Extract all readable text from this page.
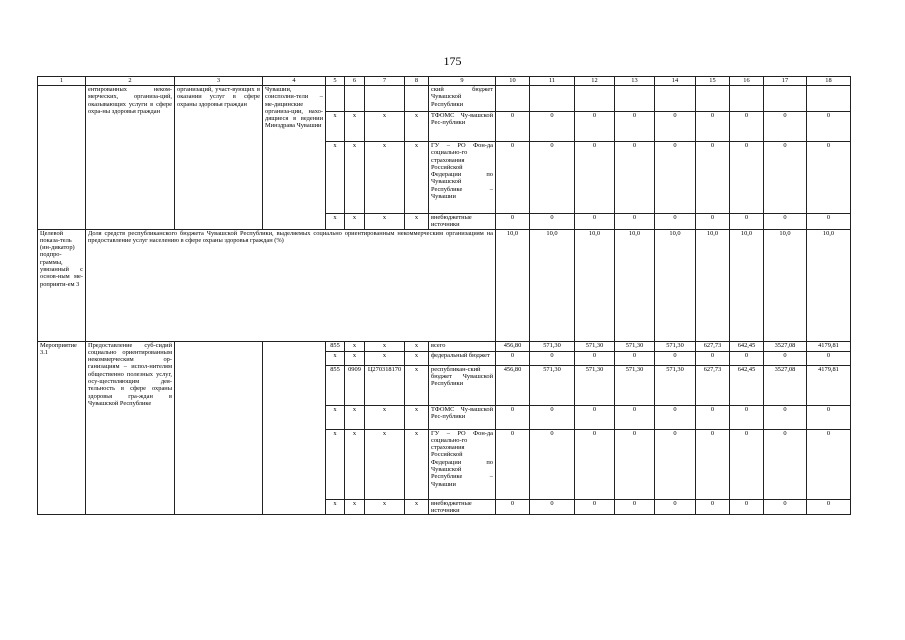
175
1	2	3	4	5	6	7	8	9	10	11	12	13	14	15	16	17	18
	ентированных неком-мерческих, организа-ций, оказывающих услуги в сфере охра-ны здоровья граждан	организаций, участ-вующих в оказании услуг в сфере охраны здоровья граждан	Чувашии, соисполни-тели – ме-дицинские организа-ции, нахо-дящиеся в ведении Минздрава Чувашии					ский бюджет Чувашской Республики									
				х	х	х	х	ТФОМС Чу-вашской Рес-публики	0	0	0	0	0	0	0	0	0
				х	х	х	х	ГУ – РО Фон-да социально-го страхования Российской Федерации по Чувашской Республике – Чувашии	0	0	0	0	0	0	0	0	0
				х	х	х	х	внебюджетные источники	0	0	0	0	0	0	0	0	0
Целевой показа-тель (ин-дикатор) подпро-граммы, увязанный с основ-ным ме-роприяти-ем 3	Доля средств республиканского бюджета Чувашской Республики, выделяемых социально ориентированным некоммерческим организациям на предоставление услуг населению в сфере охраны здоровья граждан (%)								10,0	10,0	10,0	10,0	10,0	10,0	10,0	10,0	10,0
Мероприятие 3.1	Предоставление суб-сидий социально ориентированным некоммерческим ор-ганизациям – испол-нителям общественно полезных услуг, осу-ществляющим дея-тельность в сфере охраны здоровья гра-ждан в Чувашской Республике			855	х	х	х	всего	456,80	571,30	571,30	571,30	571,30	627,73	642,45	3527,08	4179,81
				х	х	х	х	федеральный бюджет	0	0	0	0	0	0	0	0	0
				855	0909	Ц270318170	х	республикан-ский бюджет Чувашской Республики	456,80	571,30	571,30	571,30	571,30	627,73	642,45	3527,08	4179,81
				х	х	х	х	ТФОМС Чу-вашской Рес-публики	0	0	0	0	0	0	0	0	0
				х	х	х	х	ГУ – РО Фон-да социально-го страхования Российской Федерации по Чувашской Республике – Чувашии	0	0	0	0	0	0	0	0	0
				х	х	х	х	внебюджетные источники	0	0	0	0	0	0	0	0	0
